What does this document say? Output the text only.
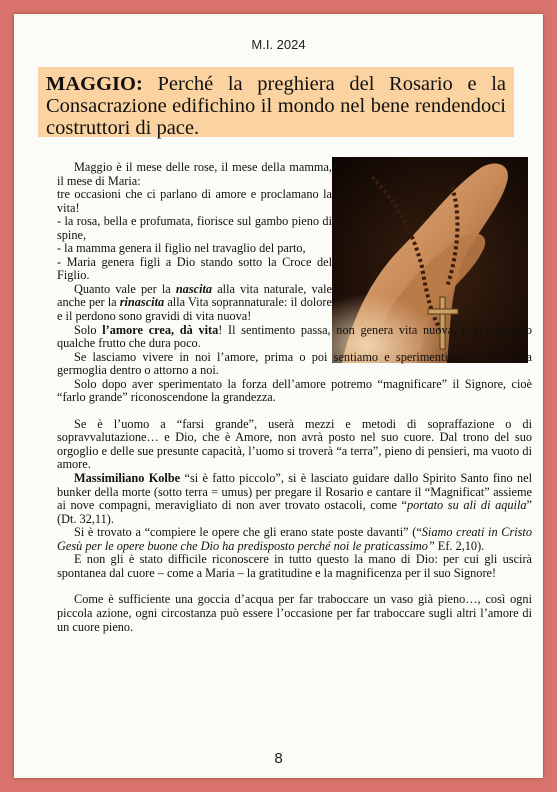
M.I. 2024
MAGGIO: Perché la preghiera del Rosario e la Consacrazione edifichino il mondo nel bene rendendoci costruttori di pace.

Maggio è il mese delle rose, il mese della mamma, il mese di Maria:

tre occasioni che ci parlano di amore e proclamano la vita!

- la rosa, bella e profumata, fiorisce sul gambo pieno di spine,

- la mamma genera il figlio nel travaglio del parto,

- Maria genera figli a Dio stando sotto la Croce del Figlio.

Quanto vale per la nascita alla vita naturale, vale anche per la rinascita alla Vita soprannaturale: il dolore e il perdono sono gravidi di vita nuova!

Solo l’amore crea, dà vita! Il sentimento passa, non genera vita nuova, o al massimo qualche frutto che dura poco.

Se lasciamo vivere in noi l’amore, prima o poi sentiamo e sperimentiamo che la vita germoglia dentro o attorno a noi.

Solo dopo aver sperimentato la forza dell’amore potremo “magnificare” il Signore, cioè “farlo grande” riconoscendone la grandezza.

Se è l’uomo a “farsi grande”, userà mezzi e metodi di sopraffazione o di sopravvalutazione… e Dio, che è Amore, non avrà posto nel suo cuore. Dal trono del suo orgoglio e delle sue presunte capacità, l’uomo si troverà “a terra”, pieno di pensieri, ma vuoto di amore.

Massimiliano Kolbe “si è fatto piccolo”, si è lasciato guidare dallo Spirito Santo fino nel bunker della morte (sotto terra = umus) per pregare il Rosario e cantare il “Magnificat” assieme ai nove compagni, meravigliato di non aver trovato ostacoli, come “portato su ali di aquila” (Dt. 32,11).

Si è trovato a “compiere le opere che gli erano state poste davanti” (“Siamo creati in Cristo Gesù per le opere buone che Dio ha predisposto perché noi le praticassimo” Ef. 2,10).

E non gli è stato difficile riconoscere in tutto questo la mano di Dio: per cui gli uscirà spontanea dal cuore – come a Maria – la gratitudine e la magnificenza per il suo Signore!

Come è sufficiente una goccia d’acqua per far traboccare un vaso già pieno…, così ogni piccola azione, ogni circostanza può essere l’occasione per far traboccare sugli altri l’amore di un cuore pieno.

8
